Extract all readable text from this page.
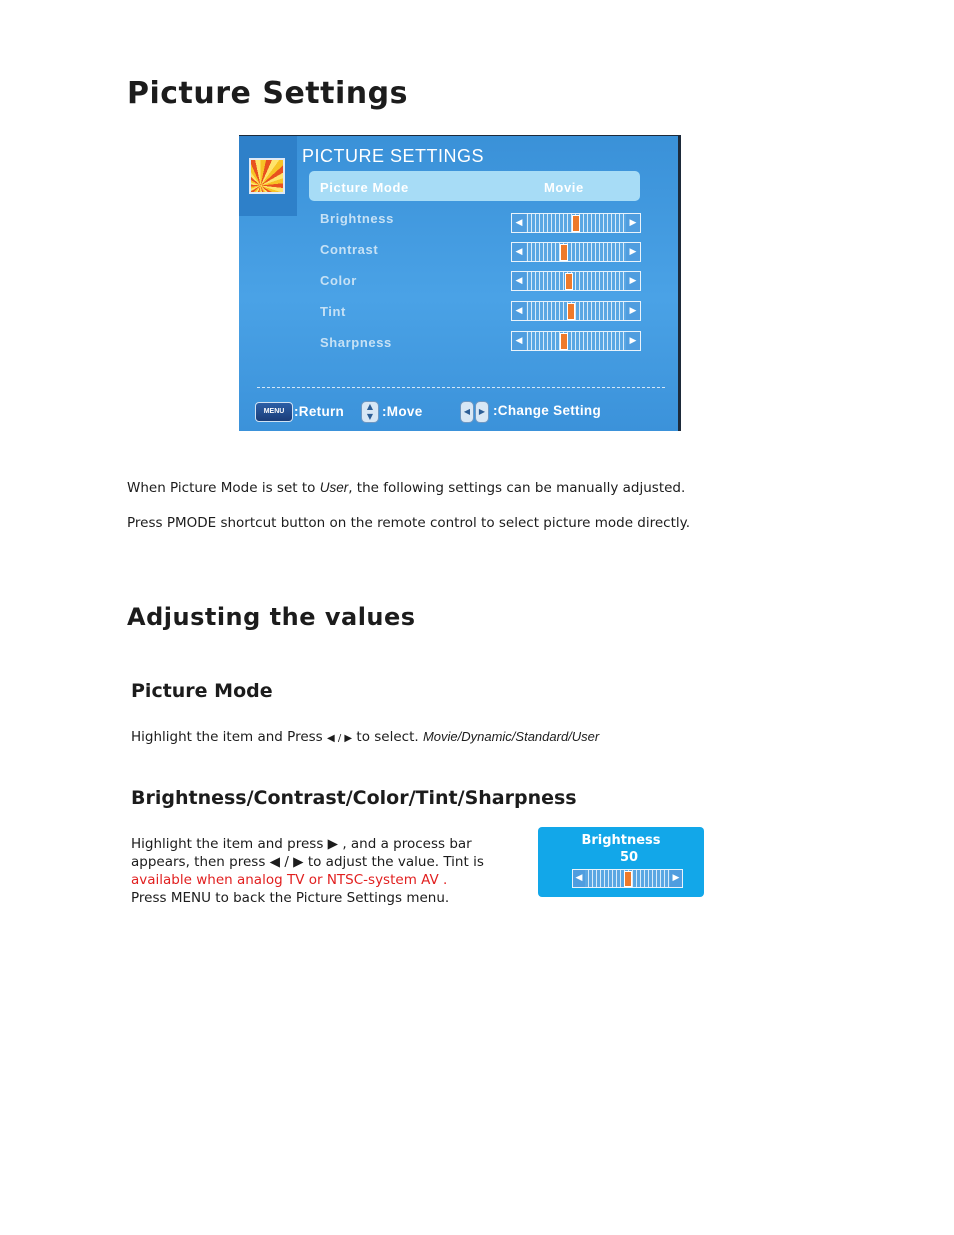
Picture Settings
PICTURE SETTINGS
Picture Mode	Movie
Brightness	◀	▶
Contrast	◀	▶
Color	◀	▶
Tint	◀	▶
Sharpness	◀	▶
MENU :Return	▲
▼ :Move	◀	▶ :Change Setting
When Picture Mode is set to User, the following settings can be manually adjusted.
Press PMODE shortcut button on the remote control to select picture mode directly.
Adjusting the values
Picture Mode
Highlight the item and Press ◀ / ▶ to select. Movie/Dynamic/Standard/User
Brightness/Contrast/Color/Tint/Sharpness
Highlight the item and press ▶ , and a process bar
appears, then press ◀ / ▶ to adjust the value. Tint is
available when analog TV or NTSC-system AV .
Press MENU to back the Picture Settings menu.
Brightness
50
◀	▶
